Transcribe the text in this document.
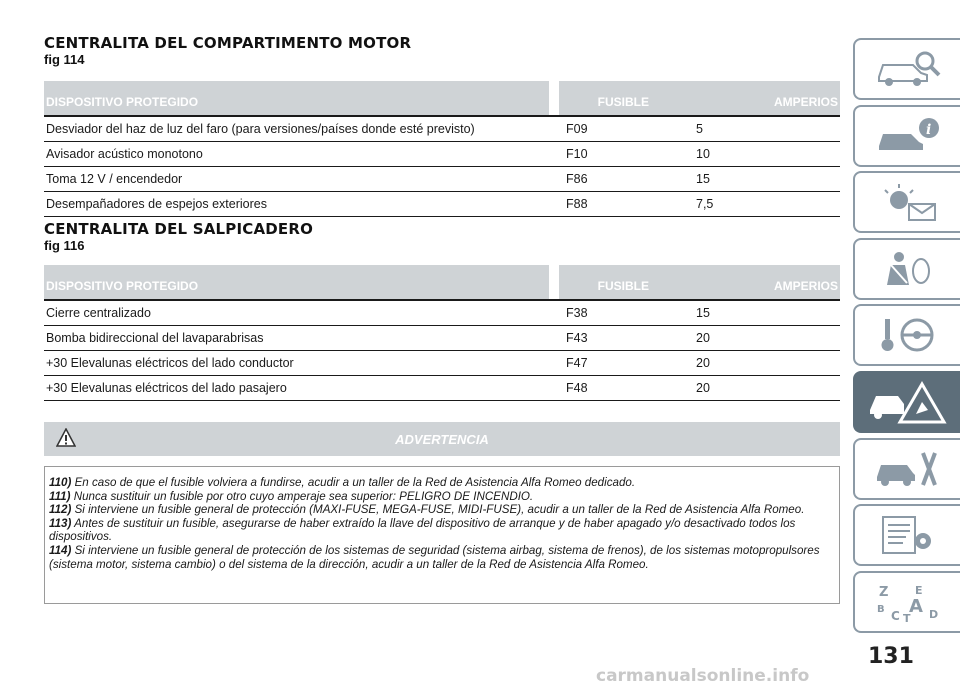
CENTRALITA DEL COMPARTIMENTO MOTOR
fig 114
DISPOSITIVO PROTEGIDO	FUSIBLE	AMPERIOS
Desviador del haz de luz del faro (para versiones/países donde esté previsto)	F09	5
Avisador acústico monotono	F10	10
Toma 12 V / encendedor	F86	15
Desempañadores de espejos exteriores	F88	7,5
CENTRALITA DEL SALPICADERO
fig 116
DISPOSITIVO PROTEGIDO	FUSIBLE	AMPERIOS
Cierre centralizado	F38	15
Bomba bidireccional del lavaparabrisas	F43	20
+30 Elevalunas eléctricos del lado conductor	F47	20
+30 Elevalunas eléctricos del lado pasajero	F48	20
ADVERTENCIA

110) En caso de que el fusible volviera a fundirse, acudir a un taller de la Red de Asistencia Alfa Romeo dedicado.

111) Nunca sustituir un fusible por otro cuyo amperaje sea superior: PELIGRO DE INCENDIO.

112) Si interviene un fusible general de protección (MAXI-FUSE, MEGA-FUSE, MIDI-FUSE), acudir a un taller de la Red de Asistencia Alfa Romeo.

113) Antes de sustituir un fusible, asegurarse de haber extraído la llave del dispositivo de arranque y de haber apagado y/o desactivado todos los dispositivos.

114) Si interviene un fusible general de protección de los sistemas de seguridad (sistema airbag, sistema de frenos), de los sistemas motopropulsores (sistema motor, sistema cambio) o del sistema de la dirección, acudir a un taller de la Red de Asistencia Alfa Romeo.

i
Z E
B A
C T D
131
carmanualsonline.info
